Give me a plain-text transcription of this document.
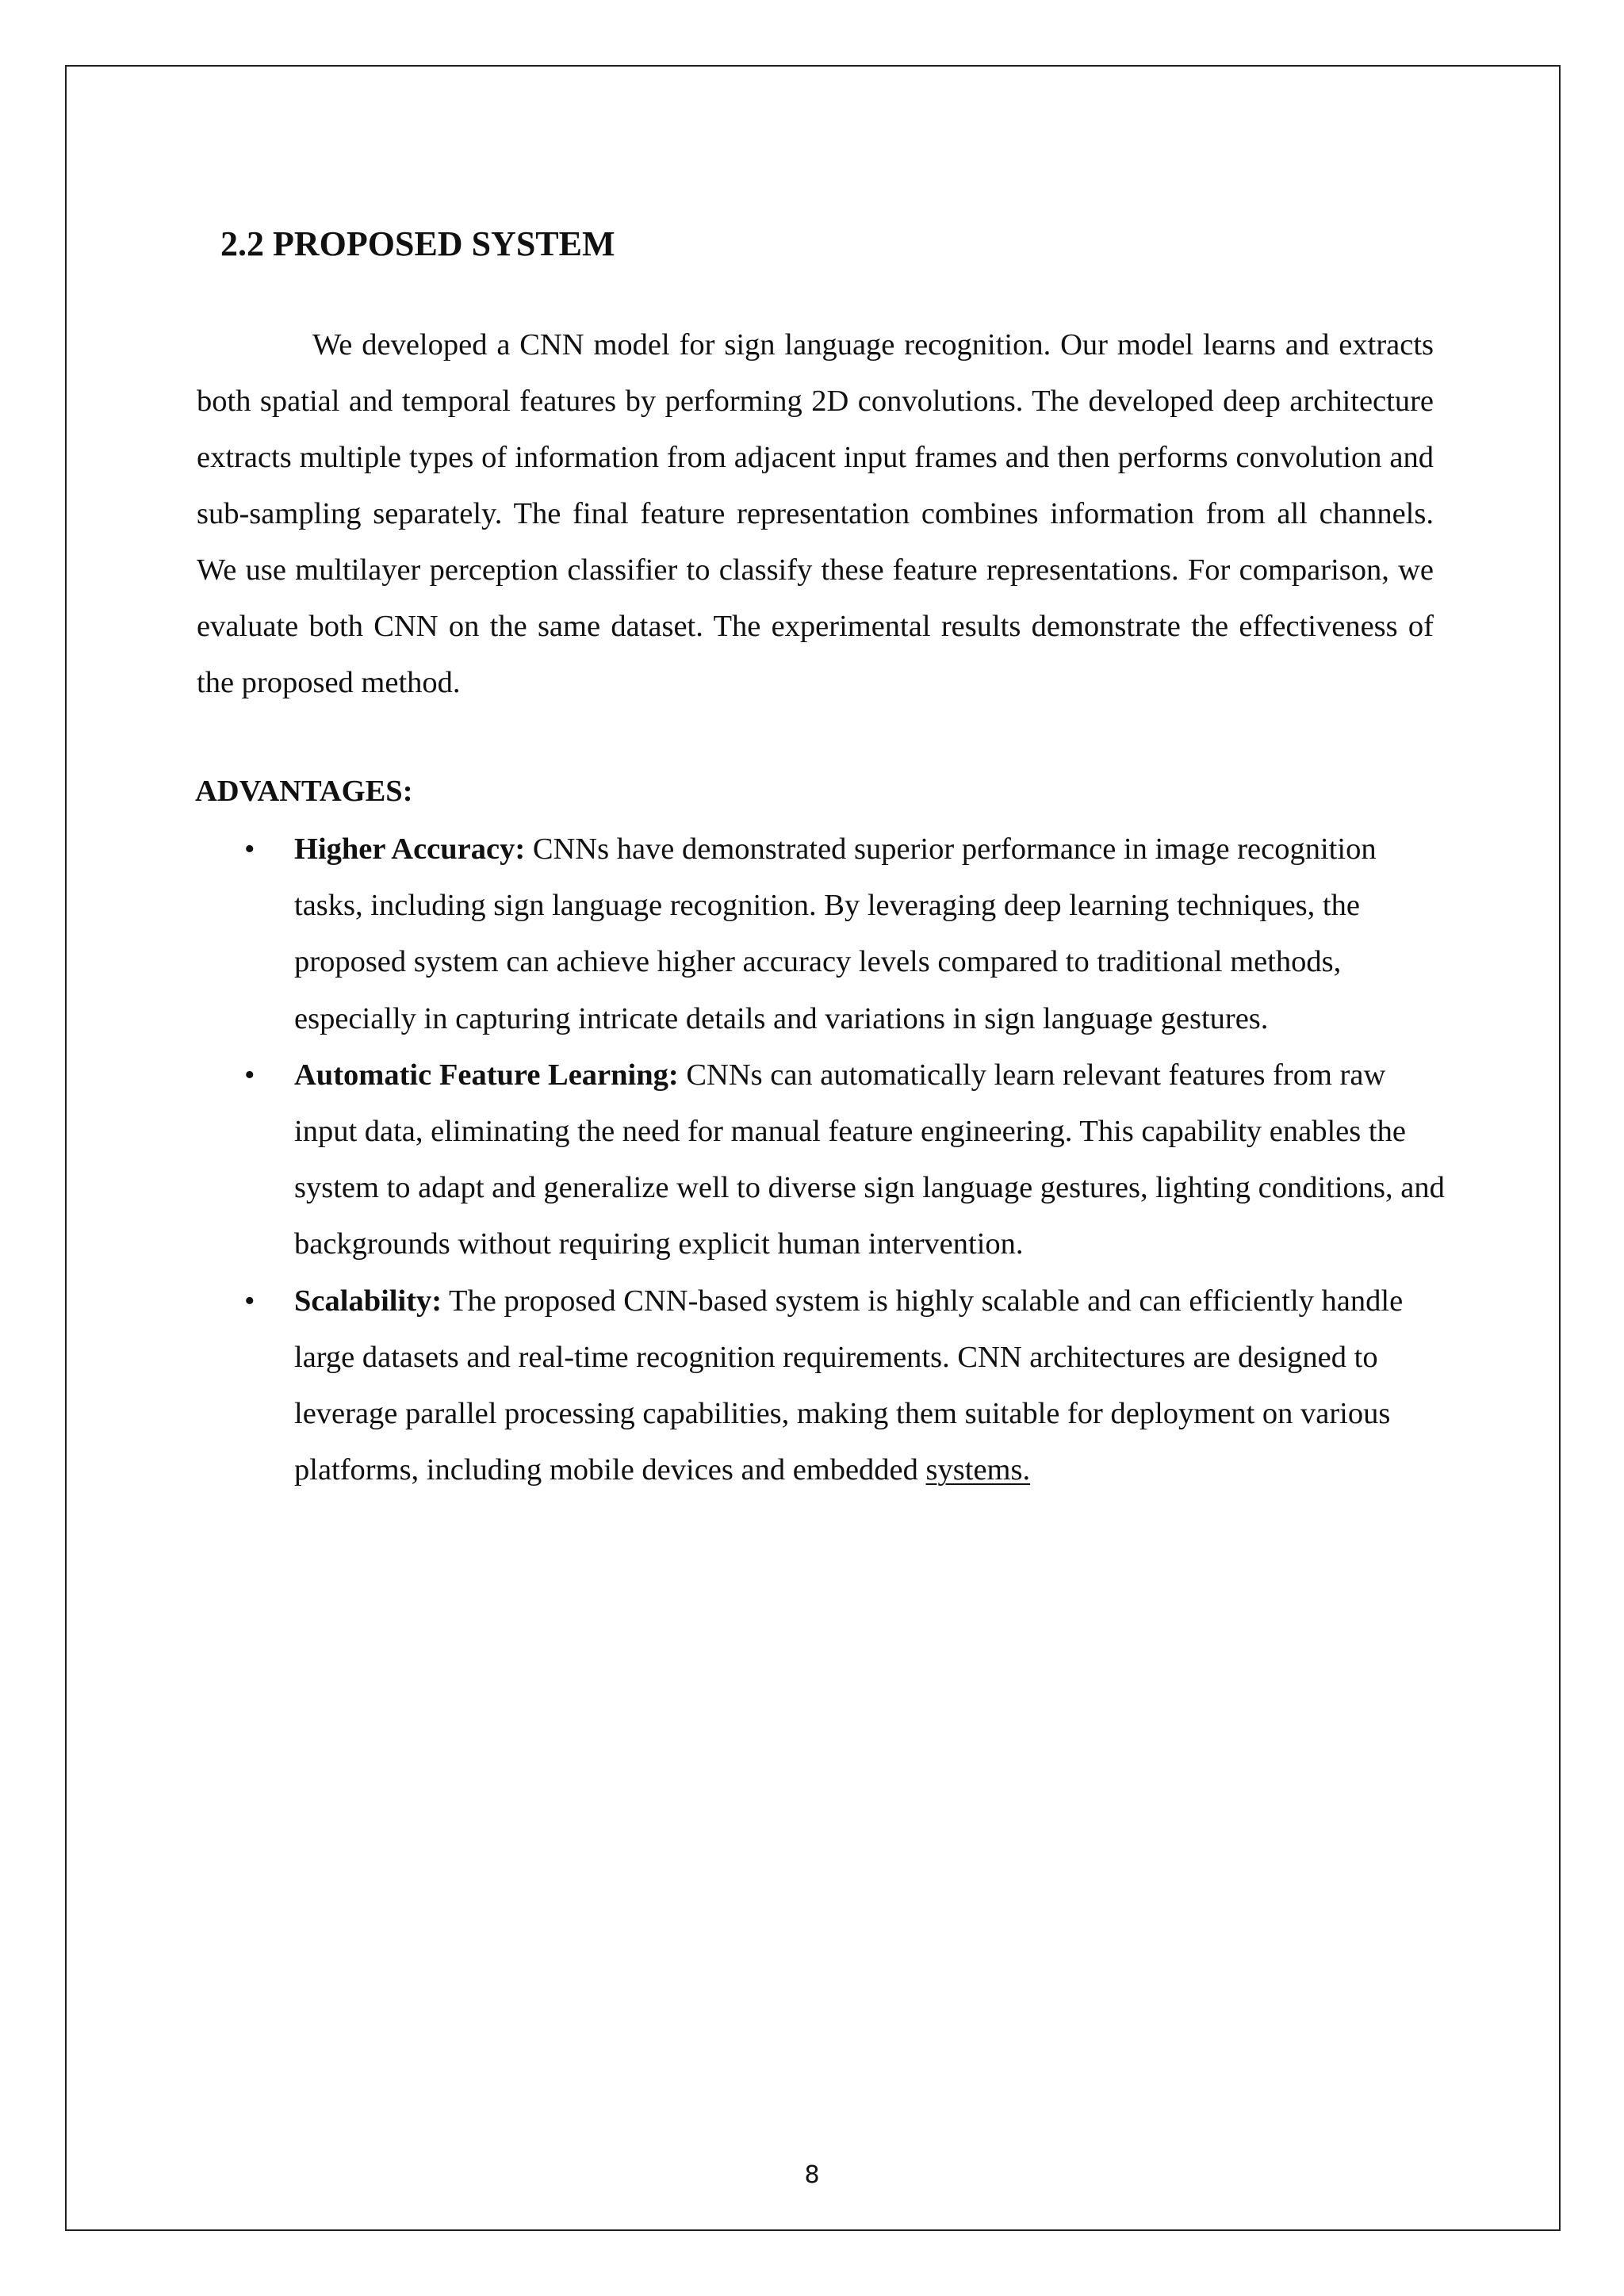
2.2 PROPOSED SYSTEM

We developed a CNN model for sign language recognition. Our model learns and extracts both spatial and temporal features by performing 2D convolutions. The developed deep architecture extracts multiple types of information from adjacent input frames and then performs convolution and sub-sampling separately. The final feature representation combines information from all channels. We use multilayer perception classifier to classify these feature representations. For comparison, we evaluate both CNN on the same dataset. The experimental results demonstrate the effectiveness of the proposed method.

ADVANTAGES:
• Higher Accuracy: CNNs have demonstrated superior performance in image recognition tasks, including sign language recognition. By leveraging deep learning techniques, the proposed system can achieve higher accuracy levels compared to traditional methods, especially in capturing intricate details and variations in sign language gestures.
• Automatic Feature Learning: CNNs can automatically learn relevant features from raw input data, eliminating the need for manual feature engineering. This capability enables the system to adapt and generalize well to diverse sign language gestures, lighting conditions, and backgrounds without requiring explicit human intervention.
• Scalability: The proposed CNN-based system is highly scalable and can efficiently handle large datasets and real-time recognition requirements. CNN architectures are designed to leverage parallel processing capabilities, making them suitable for deployment on various platforms, including mobile devices and embedded systems.

8
